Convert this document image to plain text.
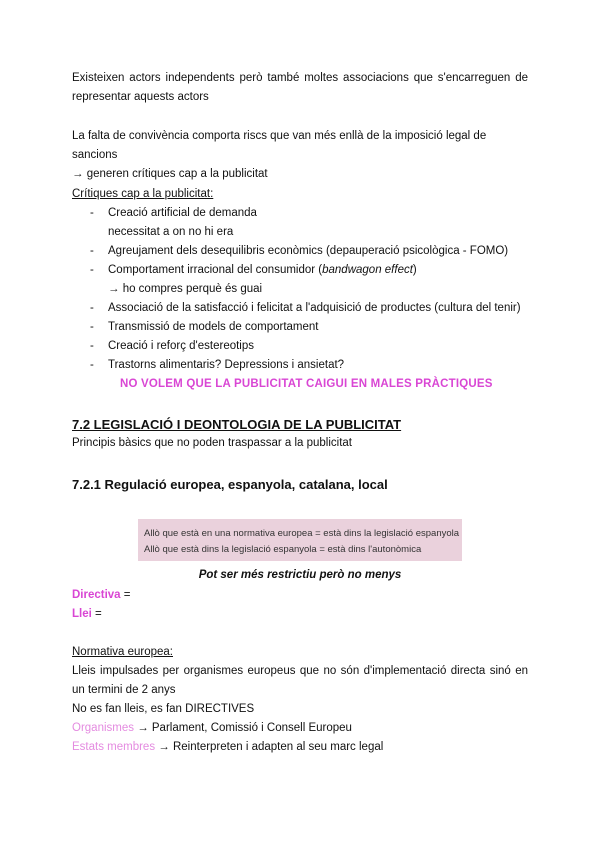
Existeixen actors independents però també moltes associacions que s'encarreguen de representar aquests actors
La falta de convivència comporta riscs que van més enllà de la imposició legal de sancions
→ generen crítiques cap a la publicitat
Crítiques cap a la publicitat:
- Creació artificial de demanda
necessitat a on no hi era
- Agreujament dels desequilibris econòmics (depauperació psicològica - FOMO)
- Comportament irracional del consumidor (bandwagon effect)
→ ho compres perquè és guai
- Associació de la satisfacció i felicitat a l'adquisició de productes (cultura del tenir)
- Transmissió de models de comportament
- Creació i reforç d'estereotips
- Trastorns alimentaris? Depressions i ansietat?
NO VOLEM QUE LA PUBLICITAT CAIGUI EN MALES PRÀCTIQUES
7.2 LEGISLACIÓ I DEONTOLOGIA DE LA PUBLICITAT
Principis bàsics que no poden traspassar a la publicitat
7.2.1 Regulació europea, espanyola, catalana, local
Allò que està en una normativa europea = està dins la legislació espanyola
Allò que està dins la legislació espanyola = està dins l'autonòmica
Pot ser més restrictiu però no menys
Directiva =
Llei =
Normativa europea:
Lleis impulsades per organismes europeus que no són d'implementació directa sinó en un termini de 2 anys
No es fan lleis, es fan DIRECTIVES
Organismes → Parlament, Comissió i Consell Europeu
Estats membres → Reinterpreten i adapten al seu marc legal
